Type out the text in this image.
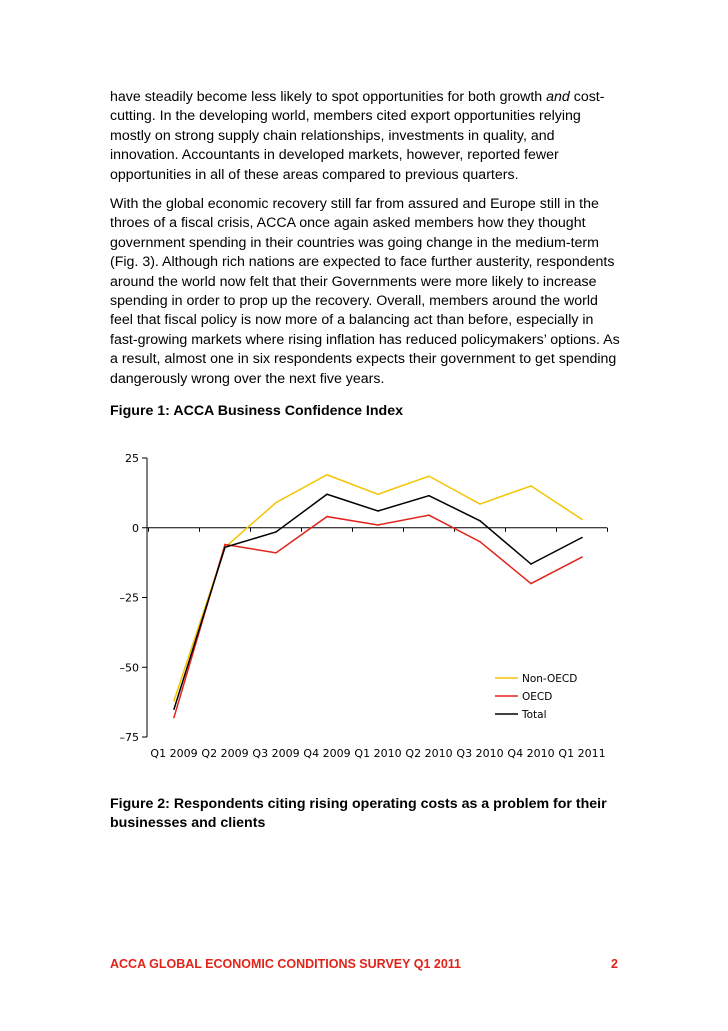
have steadily become less likely to spot opportunities for both growth and cost-cutting. In the developing world, members cited export opportunities relying mostly on strong supply chain relationships, investments in quality, and innovation. Accountants in developed markets, however, reported fewer opportunities in all of these areas compared to previous quarters.

With the global economic recovery still far from assured and Europe still in the throes of a fiscal crisis, ACCA once again asked members how they thought government spending in their countries was going change in the medium-term (Fig. 3). Although rich nations are expected to face further austerity, respondents around the world now felt that their Governments were more likely to increase spending in order to prop up the recovery. Overall, members around the world feel that fiscal policy is now more of a balancing act than before, especially in fast-growing markets where rising inflation has reduced policymakers’ options. As a result, almost one in six respondents expects their government to get spending dangerously wrong over the next five years.

Figure 1: ACCA Business Confidence Index

25
0
–25
–50
–75
Q1 2009 Q2 2009 Q3 2009 Q4 2009 Q1 2010 Q2 2010 Q3 2010 Q4 2010 Q1 2011
Non-OECD
OECD
Total

Figure 2: Respondents citing rising operating costs as a problem for their businesses and clients

ACCA GLOBAL ECONOMIC CONDITIONS SURVEY Q1 2011	2
